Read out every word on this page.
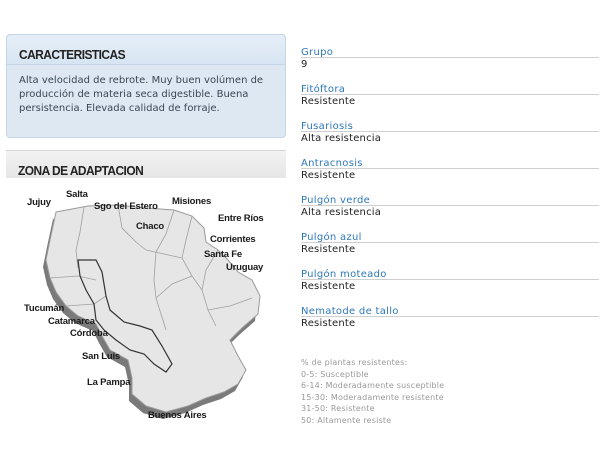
CARACTERISTICAS
Alta velocidad de rebrote. Muy buen volúmen de producción de materia seca digestible. Buena persistencia. Elevada calidad de forraje.
ZONA DE ADAPTACION
Jujuy
Salta
Sgo del Estero Misiones
Chaco
Entre Ríos
Corrientes
Santa Fe
Uruguay
Tucumán
Catamarca
Córdoba
San Luis
La Pampa
Buenos Aires
Grupo
9
Fitóftora
Resistente
Fusariosis
Alta resistencia
Antracnosis
Resistente
Pulgón verde
Alta resistencia
Pulgón azul
Resistente
Pulgón moteado
Resistente
Nematode de tallo
Resistente
% de plantas resistentes:
0-5: Susceptible
6-14: Moderadamente susceptible
15-30: Moderadamente resistente
31-50: Resistente
50: Altamente resiste
